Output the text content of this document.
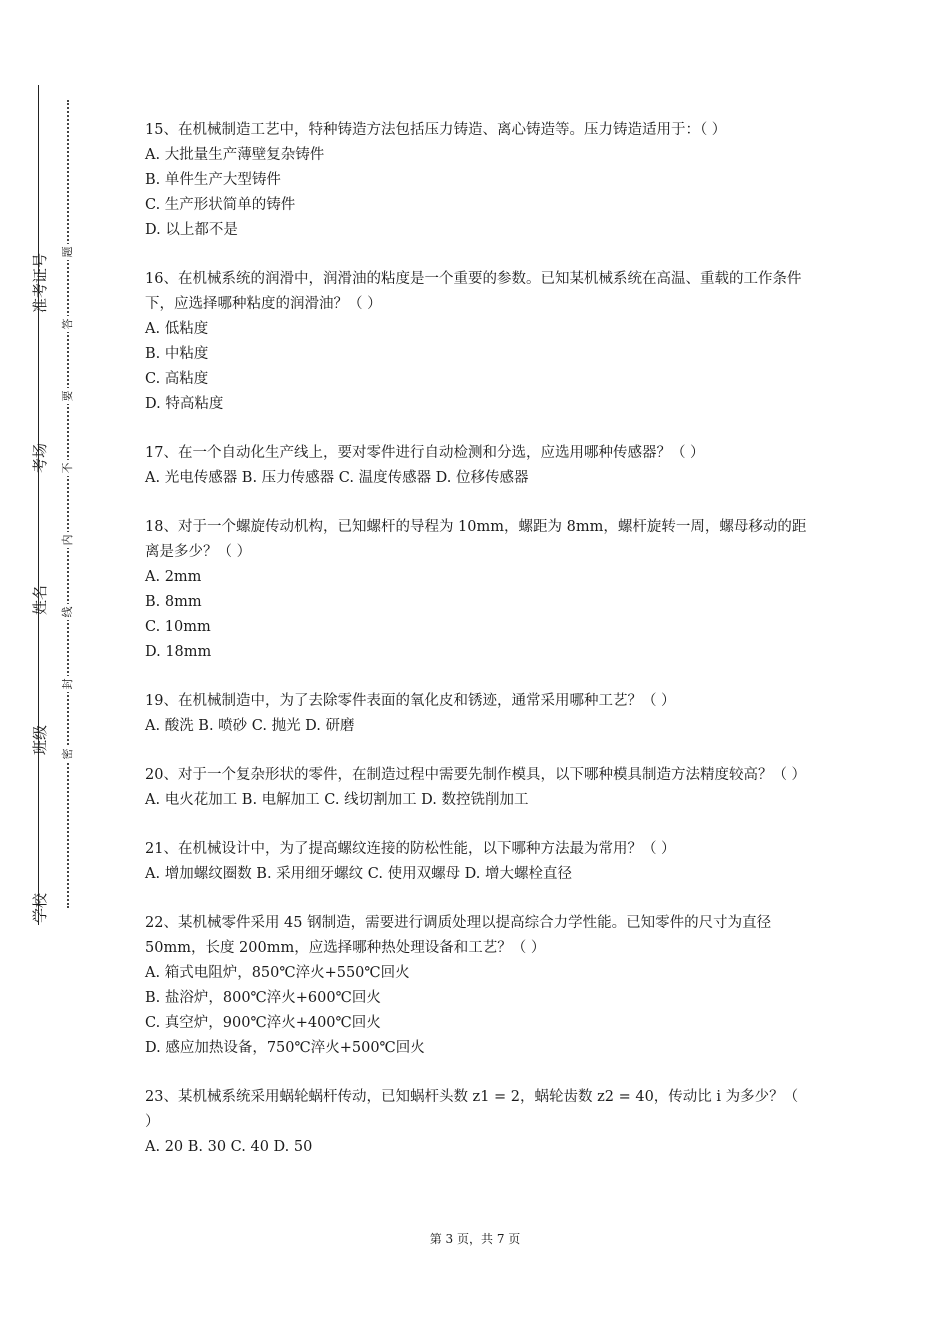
准考证号
考场
姓名
班级
学校
题
答
要
不
内
线
封
密

15、在机械制造工艺中，特种铸造方法包括压力铸造、离心铸造等。压力铸造适用于：（ ）

A. 大批量生产薄壁复杂铸件

B. 单件生产大型铸件

C. 生产形状简单的铸件

D. 以上都不是

16、在机械系统的润滑中，润滑油的粘度是一个重要的参数。已知某机械系统在高温、重载的工作条件下，应选择哪种粘度的润滑油？（ ）

A. 低粘度

B. 中粘度

C. 高粘度

D. 特高粘度

17、在一个自动化生产线上，要对零件进行自动检测和分选，应选用哪种传感器？（ ）

A. 光电传感器 B. 压力传感器 C. 温度传感器 D. 位移传感器

18、对于一个螺旋传动机构，已知螺杆的导程为 10mm，螺距为 8mm，螺杆旋转一周，螺母移动的距离是多少？（ ）

A. 2mm

B. 8mm

C. 10mm

D. 18mm

19、在机械制造中，为了去除零件表面的氧化皮和锈迹，通常采用哪种工艺？（ ）

A. 酸洗 B. 喷砂 C. 抛光 D. 研磨

20、对于一个复杂形状的零件，在制造过程中需要先制作模具，以下哪种模具制造方法精度较高？（ ）

A. 电火花加工 B. 电解加工 C. 线切割加工 D. 数控铣削加工

21、在机械设计中，为了提高螺纹连接的防松性能，以下哪种方法最为常用？（ ）

A. 增加螺纹圈数 B. 采用细牙螺纹 C. 使用双螺母 D. 增大螺栓直径

22、某机械零件采用 45 钢制造，需要进行调质处理以提高综合力学性能。已知零件的尺寸为直径 50mm，长度 200mm，应选择哪种热处理设备和工艺？（ ）

A. 箱式电阻炉，850℃淬火+550℃回火

B. 盐浴炉，800℃淬火+600℃回火

C. 真空炉，900℃淬火+400℃回火

D. 感应加热设备，750℃淬火+500℃回火

23、某机械系统采用蜗轮蜗杆传动，已知蜗杆头数 z1 = 2，蜗轮齿数 z2 = 40，传动比 i 为多少？（ ）

A. 20 B. 30 C. 40 D. 50

第 3 页，共 7 页
